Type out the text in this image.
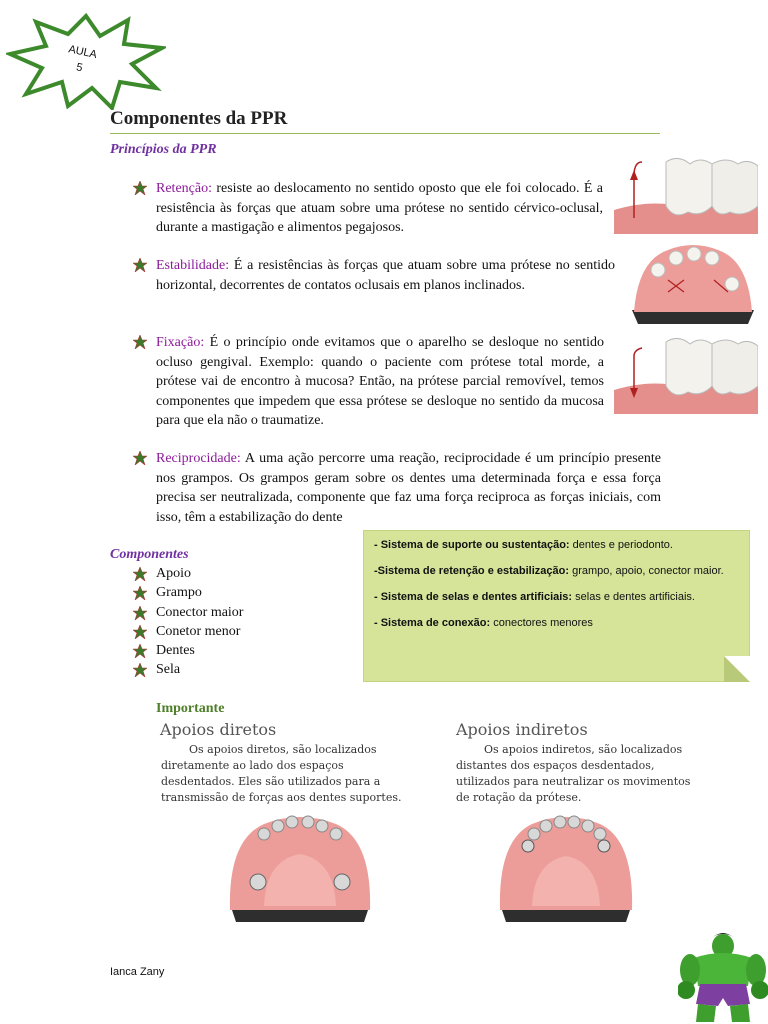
AULA
5
Componentes da PPR
Princípios da PPR
Retenção: resiste ao deslocamento no sentido oposto que ele foi colocado. É a resistência às forças que atuam sobre uma prótese no sentido cérvico-oclusal, durante a mastigação e alimentos pegajosos.
Estabilidade: É a resistências às forças que atuam sobre uma prótese no sentido horizontal, decorrentes de contatos oclusais em planos inclinados.
Fixação: É o princípio onde evitamos que o aparelho se desloque no sentido ocluso gengival. Exemplo: quando o paciente com prótese total morde, a prótese vai de encontro à mucosa? Então, na prótese parcial removível, temos componentes que impedem que essa prótese se desloque no sentido da mucosa para que ela não o traumatize.
Reciprocidade: A uma ação percorre uma reação, reciprocidade é um princípio presente nos grampos. Os grampos geram sobre os dentes uma determinada força e essa força precisa ser neutralizada, componente que faz uma força reciproca as forças iniciais, com isso, têm a estabilização do dente
Componentes
Apoio
Grampo
Conector maior
Conetor menor
Dentes
Sela

- Sistema de suporte ou sustentação: dentes e periodonto.

-Sistema de retenção e estabilização: grampo, apoio, conector maior.

- Sistema de selas e dentes artificiais: selas e dentes artificiais.

- Sistema de conexão: conectores menores

Importante
Apoios diretos
Os apoios diretos, são localizados diretamente ao lado dos espaços desdentados. Eles são utilizados para a transmissão de forças aos dentes suportes.
Apoios indiretos
Os apoios indiretos, são localizados distantes dos espaços desdentados, utilizados para neutralizar os movimentos de rotação da prótese.
Ianca Zany
